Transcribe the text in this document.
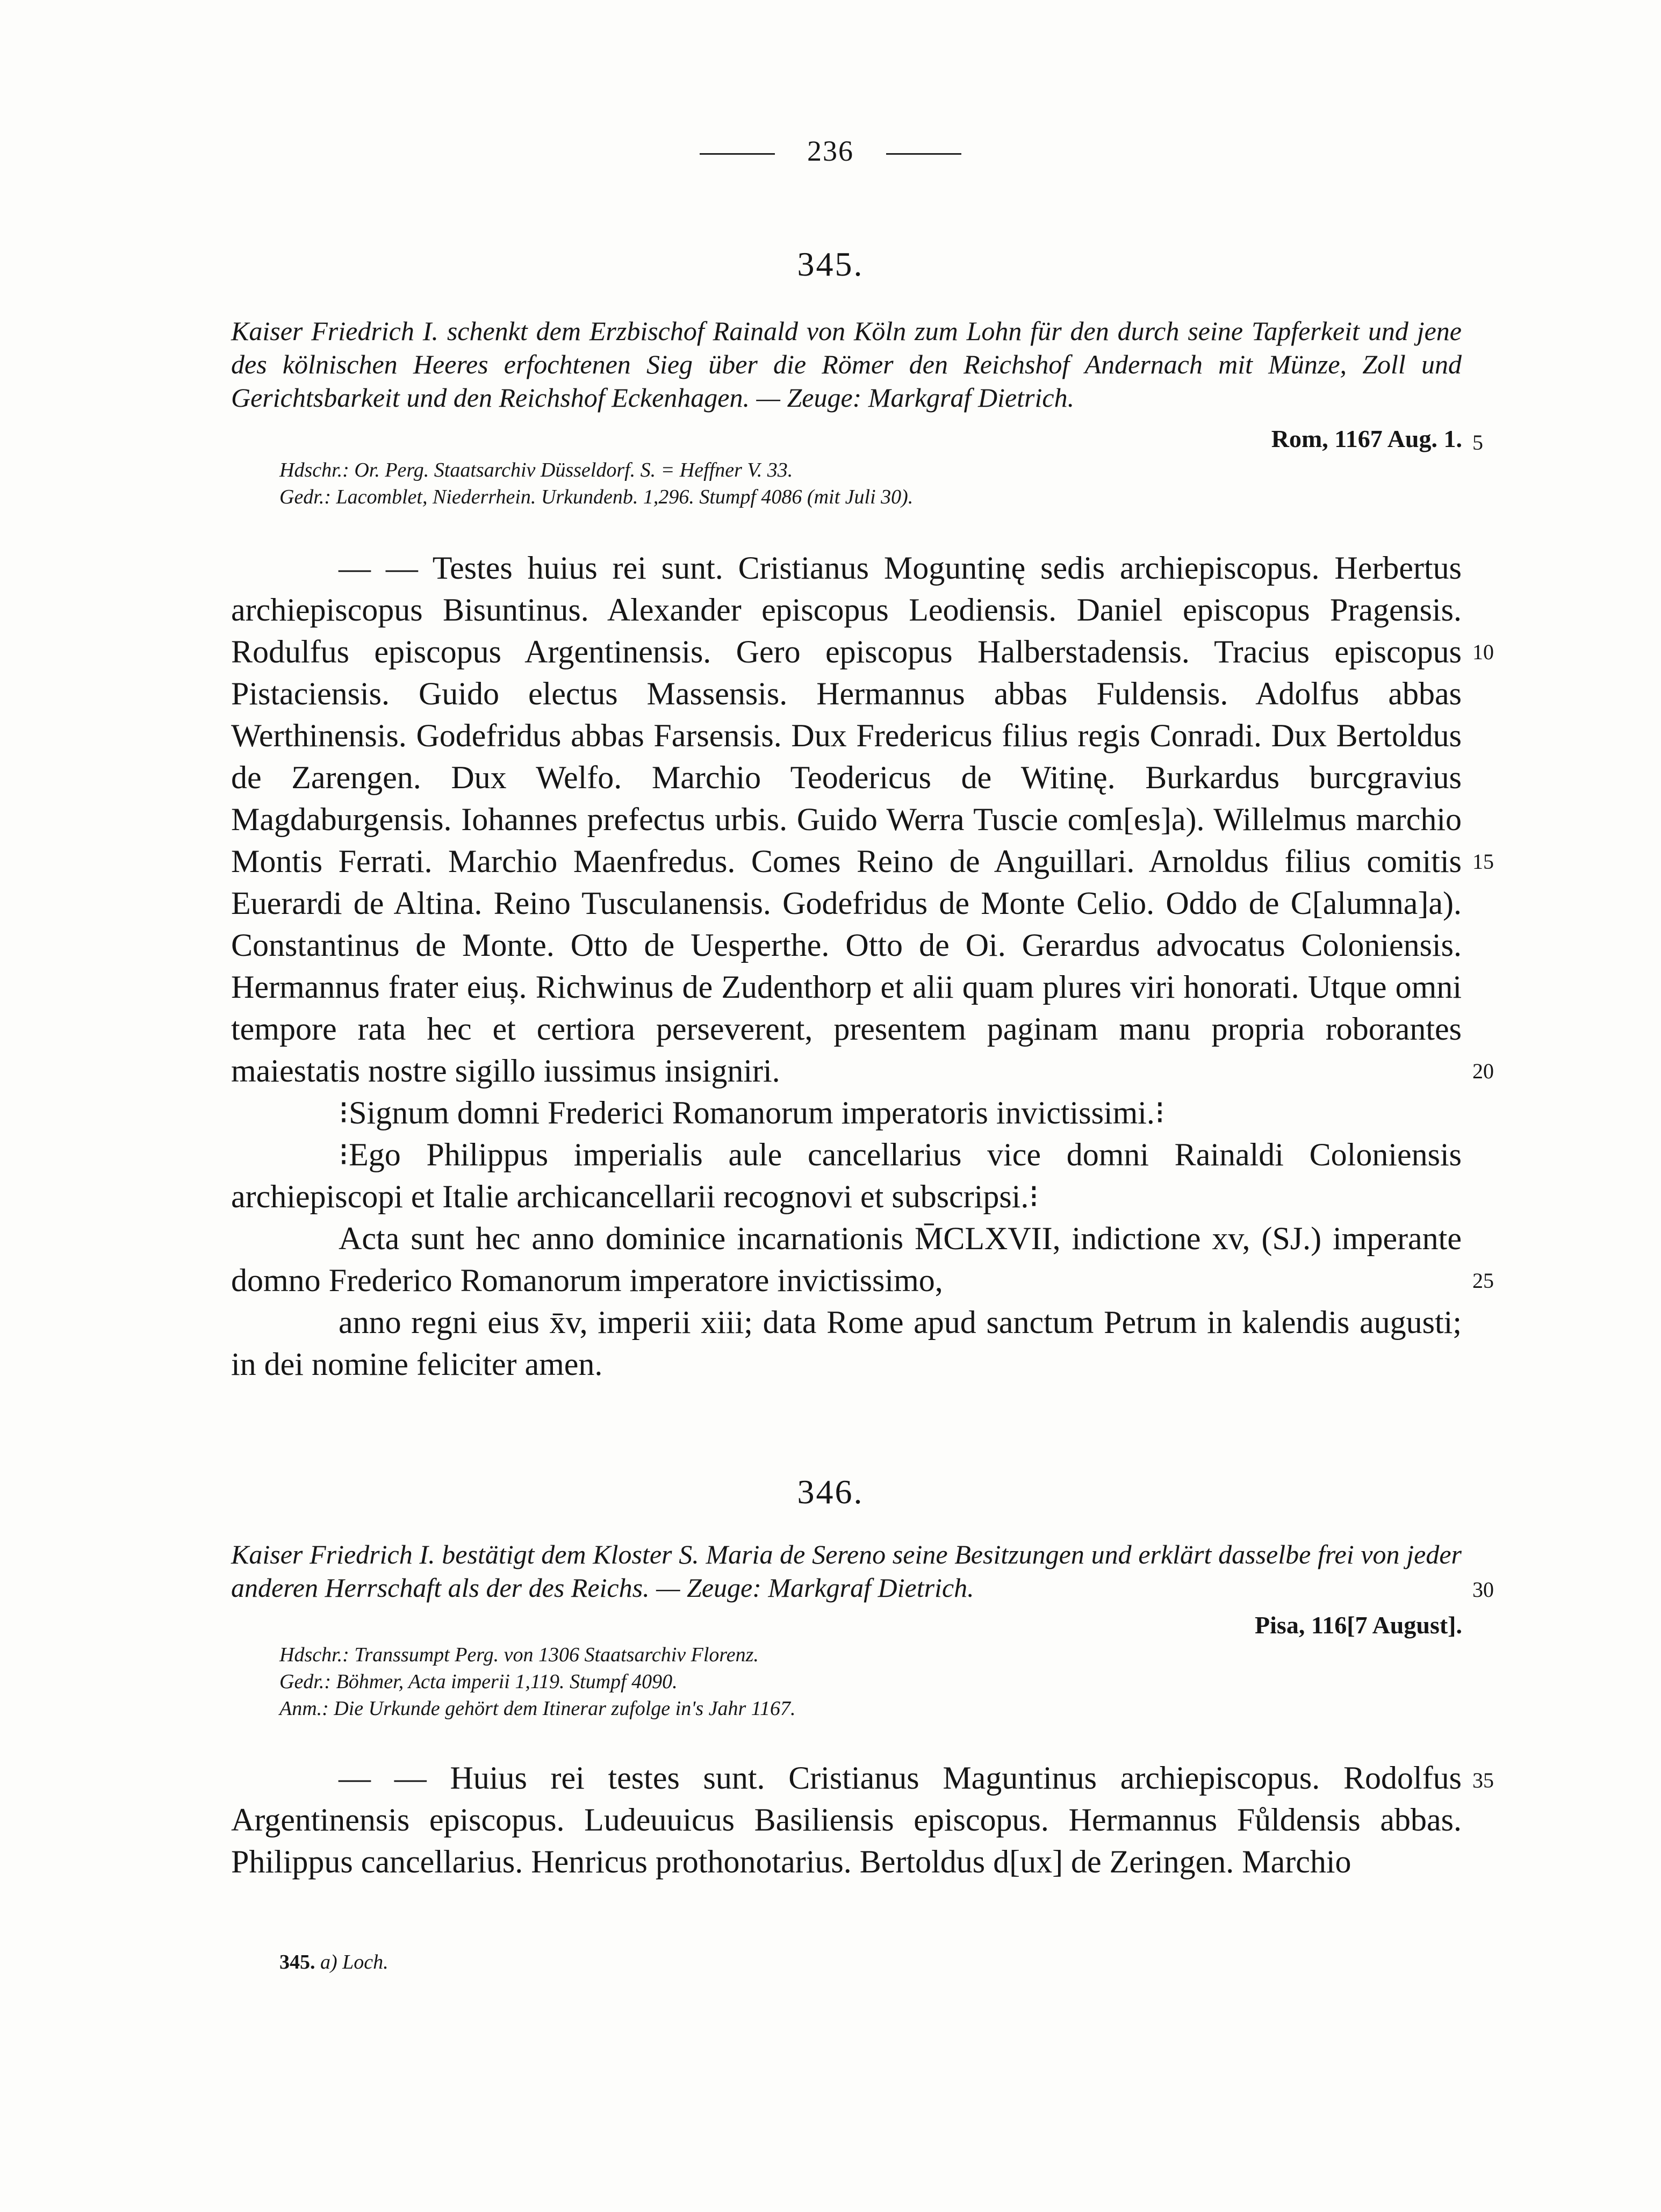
236
345.
Kaiser Friedrich I. schenkt dem Erzbischof Rainald von Köln zum Lohn für den durch seine Tapferkeit und jene des kölnischen Heeres erfochtenen Sieg über die Römer den Reichshof Andernach mit Münze, Zoll und Gerichtsbarkeit und den Reichshof Eckenhagen. — Zeuge: Markgraf Dietrich.
Rom, 1167 Aug. 1.
Hdschr.: Or. Perg. Staatsarchiv Düsseldorf. S. = Heffner V. 33.
Gedr.: Lacomblet, Niederrhein. Urkundenb. 1,296. Stumpf 4086 (mit Juli 30).

— — Testes huius rei sunt. Cristianus Moguntinę sedis archiepiscopus. Herbertus archiepiscopus Bisuntinus. Alexander episcopus Leodiensis. Daniel episcopus Pragensis. Rodulfus episcopus Argentinensis. Gero episcopus Halberstadensis. Tracius episcopus Pistaciensis. Guido electus Massensis. Hermannus abbas Fuldensis. Adolfus abbas Werthinensis. Godefridus abbas Farsensis. Dux Fredericus filius regis Conradi. Dux Bertoldus de Zarengen. Dux Welfo. Marchio Teodericus de Witinę. Burkardus burcgravius Magdaburgensis. Iohannes prefectus urbis. Guido Werra Tuscie com[es]a). Willelmus marchio Montis Ferrati. Marchio Maenfredus. Comes Reino de Anguillari. Arnoldus filius comitis Euerardi de Altina. Reino Tusculanensis. Godefridus de Monte Celio. Oddo de C[alumna]a). Constantinus de Monte. Otto de Uesperthe. Otto de Oi. Gerardus advocatus Coloniensis. Hermannus frater eiuș. Richwinus de Zudenthorp et alii quam plures viri honorati. Utque omni tempore rata hec et certiora perseverent, presentem paginam manu propria roborantes maiestatis nostre sigillo iussimus insigniri.

⁝Signum domni Frederici Romanorum imperatoris invictissimi.⁝

⁝Ego Philippus imperialis aule cancellarius vice domni Rainaldi Coloniensis archiepiscopi et Italie archicancellarii recognovi et subscripsi.⁝

Acta sunt hec anno dominice incarnationis M̄CLXVII, indictione xv, (SJ.) imperante domno Frederico Romanorum imperatore invictissimo,

anno regni eius x̄v, imperii xiii; data Rome apud sanctum Petrum in kalendis augusti; in dei nomine feliciter amen.

346.
Kaiser Friedrich I. bestätigt dem Kloster S. Maria de Sereno seine Besitzungen und erklärt dasselbe frei von jeder anderen Herrschaft als der des Reichs. — Zeuge: Markgraf Dietrich.
Pisa, 116[7 August].
Hdschr.: Transsumpt Perg. von 1306 Staatsarchiv Florenz.
Gedr.: Böhmer, Acta imperii 1,119. Stumpf 4090.
Anm.: Die Urkunde gehört dem Itinerar zufolge in's Jahr 1167.

— — Huius rei testes sunt. Cristianus Maguntinus archiepiscopus. Rodolfus Argentinensis episcopus. Ludeuuicus Basiliensis episcopus. Hermannus Fůldensis abbas. Philippus cancellarius. Henricus prothonotarius. Bertoldus d[ux] de Zeringen. Marchio

5
10
15
20
25
30
35
345. a) Loch.
